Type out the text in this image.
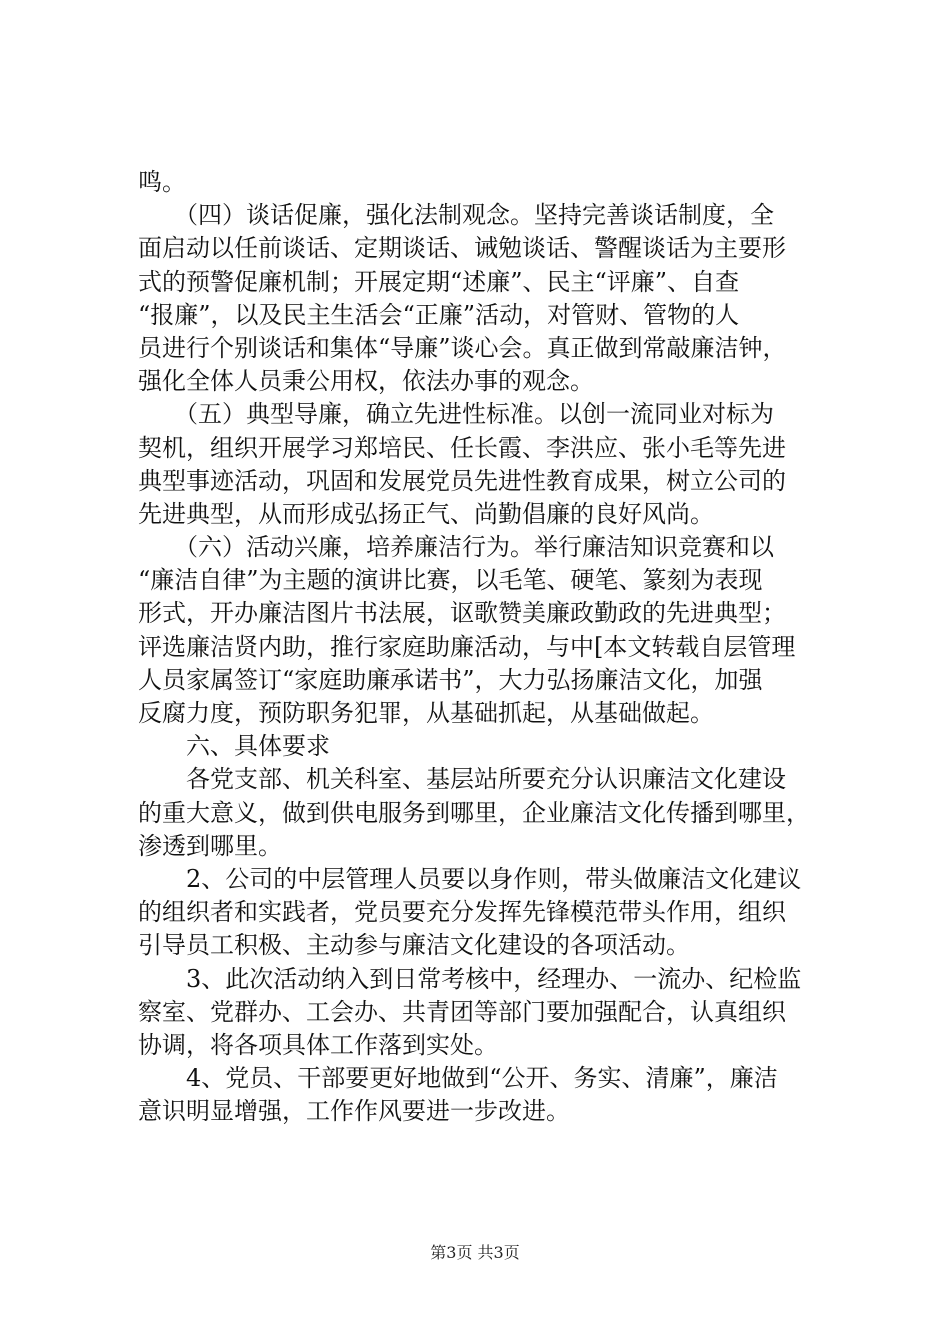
鸣。
　　（四）谈话促廉，强化法制观念。坚持完善谈话制度，全
面启动以任前谈话、定期谈话、诫勉谈话、警醒谈话为主要形
式的预警促廉机制；开展定期“述廉”、民主“评廉”、自查
“报廉”，以及民主生活会“正廉”活动，对管财、管物的人
员进行个别谈话和集体“导廉”谈心会。真正做到常敲廉洁钟，
强化全体人员秉公用权，依法办事的观念。
　　（五）典型导廉，确立先进性标准。以创一流同业对标为
契机，组织开展学习郑培民、任长霞、李洪应、张小毛等先进
典型事迹活动，巩固和发展党员先进性教育成果，树立公司的
先进典型，从而形成弘扬正气、尚勤倡廉的良好风尚。
　　（六）活动兴廉，培养廉洁行为。举行廉洁知识竞赛和以
“廉洁自律”为主题的演讲比赛，以毛笔、硬笔、篆刻为表现
形式，开办廉洁图片书法展，讴歌赞美廉政勤政的先进典型；
评选廉洁贤内助，推行家庭助廉活动，与中[本文转载自层管理
人员家属签订“家庭助廉承诺书”，大力弘扬廉洁文化，加强
反腐力度，预防职务犯罪，从基础抓起，从基础做起。
　　六、具体要求
　　各党支部、机关科室、基层站所要充分认识廉洁文化建设
的重大意义，做到供电服务到哪里，企业廉洁文化传播到哪里，
渗透到哪里。
　　2、公司的中层管理人员要以身作则，带头做廉洁文化建议
的组织者和实践者，党员要充分发挥先锋模范带头作用，组织
引导员工积极、主动参与廉洁文化建设的各项活动。
　　3、此次活动纳入到日常考核中，经理办、一流办、纪检监
察室、党群办、工会办、共青团等部门要加强配合，认真组织
协调，将各项具体工作落到实处。
　　4、党员、干部要更好地做到“公开、务实、清廉”，廉洁
意识明显增强，工作作风要进一步改进。
第3页 共3页
